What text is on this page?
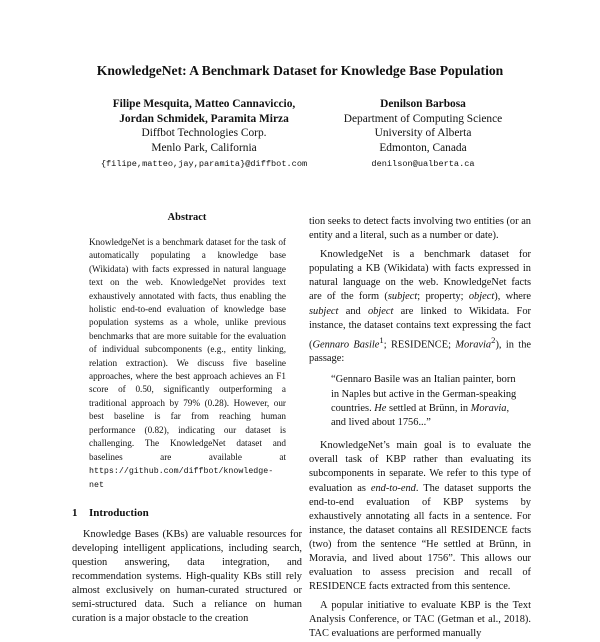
KnowledgeNet: A Benchmark Dataset for Knowledge Base Population
Filipe Mesquita, Matteo Cannaviccio,
Jordan Schmidek, Paramita Mirza
Diffbot Technologies Corp.
Menlo Park, California
{filipe,matteo,jay,paramita}@diffbot.com
Denilson Barbosa
Department of Computing Science
University of Alberta
Edmonton, Canada
denilson@ualberta.ca
Abstract

KnowledgeNet is a benchmark dataset for the task of automatically populating a knowledge base (Wikidata) with facts expressed in natural language text on the web. KnowledgeNet provides text exhaustively annotated with facts, thus enabling the holistic end-to-end evaluation of knowledge base population systems as a whole, unlike previous benchmarks that are more suitable for the evaluation of individual subcomponents (e.g., entity linking, relation extraction). We discuss five baseline approaches, where the best approach achieves an F1 score of 0.50, significantly outperforming a traditional approach by 79% (0.28). However, our best baseline is far from reaching human performance (0.82), indicating our dataset is challenging. The KnowledgeNet dataset and baselines are available at https://github.com/diffbot/knowledge-net

1 Introduction

Knowledge Bases (KBs) are valuable resources for developing intelligent applications, including search, question answering, data integration, and recommendation systems. High-quality KBs still rely almost exclusively on human-curated structured or semi-structured data. Such a reliance on human curation is a major obstacle to the creation

tion seeks to detect facts involving two entities (or an entity and a literal, such as a number or date).

KnowledgeNet is a benchmark dataset for populating a KB (Wikidata) with facts expressed in natural language on the web. KnowledgeNet facts are of the form (subject; property; object), where subject and object are linked to Wikidata. For instance, the dataset contains text expressing the fact (Gennaro Basile$^1$; RESIDENCE; Moravia$^2$), in the passage:

“Gennaro Basile was an Italian painter, born in Naples but active in the German-speaking countries. He settled at Brünn, in Moravia, and lived about 1756...”

KnowledgeNet’s main goal is to evaluate the overall task of KBP rather than evaluating its subcomponents in separate. We refer to this type of evaluation as end-to-end. The dataset supports the end-to-end evaluation of KBP systems by exhaustively annotating all facts in a sentence. For instance, the dataset contains all RESIDENCE facts (two) from the sentence “He settled at Brünn, in Moravia, and lived about 1756”. This allows our evaluation to assess precision and recall of RESIDENCE facts extracted from this sentence.

A popular initiative to evaluate KBP is the Text Analysis Conference, or TAC (Getman et al., 2018). TAC evaluations are performed manually
